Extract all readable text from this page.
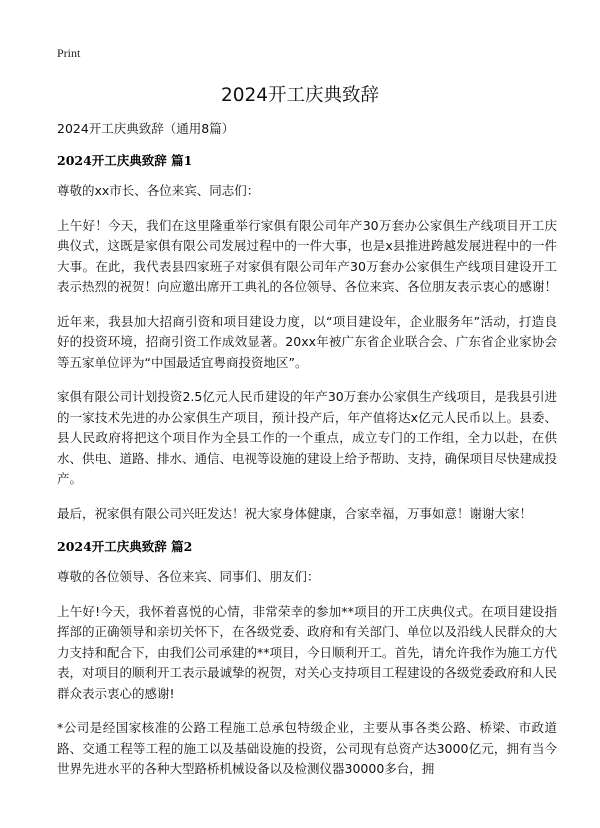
Print
2024开工庆典致辞
2024开工庆典致辞（通用8篇）
2024开工庆典致辞 篇1

尊敬的xx市长、各位来宾、同志们：

上午好！今天，我们在这里隆重举行家俱有限公司年产30万套办公家俱生产线项目开工庆典仪式，这既是家俱有限公司发展过程中的一件大事，也是x县推进跨越发展进程中的一件大事。在此，我代表县四家班子对家俱有限公司年产30万套办公家俱生产线项目建设开工表示热烈的祝贺！向应邀出席开工典礼的各位领导、各位来宾、各位朋友表示衷心的感谢！

近年来，我县加大招商引资和项目建设力度，以“项目建设年，企业服务年”活动，打造良好的投资环境，招商引资工作成效显著。20xx年被广东省企业联合会、广东省企业家协会等五家单位评为“中国最适宜粤商投资地区”。

家俱有限公司计划投资2.5亿元人民币建设的年产30万套办公家俱生产线项目，是我县引进的一家技术先进的办公家俱生产项目，预计投产后，年产值将达x亿元人民币以上。县委、县人民政府将把这个项目作为全县工作的一个重点，成立专门的工作组，全力以赴，在供水、供电、道路、排水、通信、电视等设施的建设上给予帮助、支持，确保项目尽快建成投产。

最后，祝家俱有限公司兴旺发达！祝大家身体健康，合家幸福，万事如意！谢谢大家！

2024开工庆典致辞 篇2

尊敬的各位领导、各位来宾、同事们、朋友们：

上午好!今天，我怀着喜悦的心情，非常荣幸的参加**项目的开工庆典仪式。在项目建设指挥部的正确领导和亲切关怀下，在各级党委、政府和有关部门、单位以及沿线人民群众的大力支持和配合下，由我们公司承建的**项目，今日顺利开工。首先，请允许我作为施工方代表，对项目的顺利开工表示最诚挚的祝贺，对关心支持项目工程建设的各级党委政府和人民群众表示衷心的感谢!

*公司是经国家核准的公路工程施工总承包特级企业，主要从事各类公路、桥梁、市政道路、交通工程等工程的施工以及基础设施的投资，公司现有总资产达3000亿元，拥有当今世界先进水平的各种大型路桥机械设备以及检测仪器30000多台，拥
